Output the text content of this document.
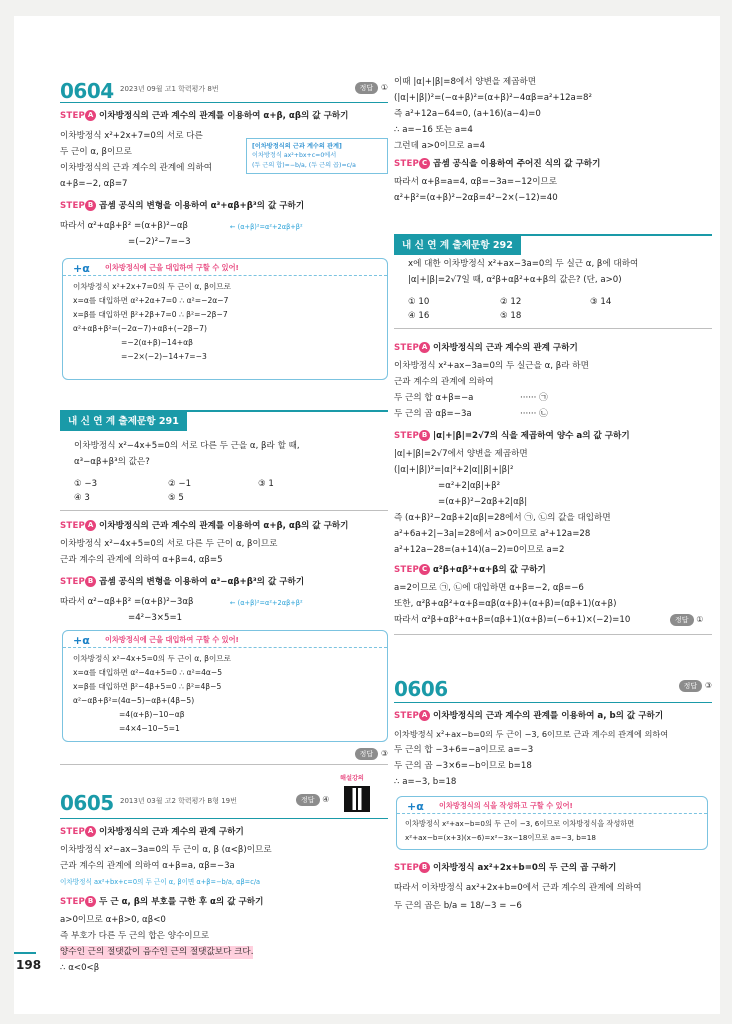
0604 2023년 09월 고1 학력평가 8번	정답 ①
STEP A 이차방정식의 근과 계수의 관계를 이용하여 α+β, αβ의 값 구하기
이차방정식 x²+2x+7=0의 서로 다른
두 근이 α, β이므로
이차방정식의 근과 계수의 관계에 의하여
α+β=−2, αβ=7
[이차방정식의 근과 계수의 관계]
이차방정식 ax²+bx+c=0에서
(두 근의 합)=−b/a, (두 근의 곱)=c/a
STEP B 곱셈 공식의 변형을 이용하여 α³+αβ+β³의 값 구하기
따라서 α²+αβ+β² =(α+β)²−αβ	← (α+β)²=α²+2αβ+β²
=(−2)²−7=−3
+α 이차방정식에 근을 대입하여 구할 수 있어!
이차방정식 x²+2x+7=0의 두 근이 α, β이므로
x=α를 대입하면 α²+2α+7=0 ∴ α²=−2α−7
x=β를 대입하면 β²+2β+7=0 ∴ β²=−2β−7
α²+αβ+β²=(−2α−7)+αβ+(−2β−7)
=−2(α+β)−14+αβ
=−2×(−2)−14+7=−3
내 신 연 계 출제문항 291
이차방정식 x²−4x+5=0의 서로 다른 두 근을 α, β라 할 때,
α³−αβ+β³의 값은?
① −3	② −1	③ 1
④ 3	⑤ 5
STEP A 이차방정식의 근과 계수의 관계를 이용하여 α+β, αβ의 값 구하기
이차방정식 x²−4x+5=0의 서로 다른 두 근이 α, β이므로
근과 계수의 관계에 의하여 α+β=4, αβ=5
STEP B 곱셈 공식의 변형을 이용하여 α³−αβ+β³의 값 구하기
따라서 α²−αβ+β² =(α+β)²−3αβ	← (α+β)²=α²+2αβ+β²
=4²−3×5=1
+α 이차방정식에 근을 대입하여 구할 수 있어!
이차방정식 x²−4x+5=0의 두 근이 α, β이므로
x=α를 대입하면 α²−4α+5=0 ∴ α²=4α−5
x=β를 대입하면 β²−4β+5=0 ∴ β²=4β−5
α²−αβ+β²=(4α−5)−αβ+(4β−5)
=4(α+β)−10−αβ
=4×4−10−5=1
정답 ③
0605 2013년 03월 고2 학력평가 B형 19번	정답 ④
해설강의
STEP A 이차방정식의 근과 계수의 관계 구하기
이차방정식 x²−ax−3a=0의 두 근이 α, β (α<β)이므로
근과 계수의 관계에 의하여 α+β=a, αβ=−3a
이차방정식 ax²+bx+c=0의 두 근이 α, β이면 α+β=−b/a, αβ=c/a
STEP B 두 근 α, β의 부호를 구한 후 α의 값 구하기
a>0이므로 α+β>0, αβ<0
즉 부호가 다른 두 근의 합은 양수이므로
양수인 근의 절댓값이 음수인 근의 절댓값보다 크다.
∴ α<0<β
198
이때 |α|+|β|=8에서 양변을 제곱하면
(|α|+|β|)²=(−α+β)²=(α+β)²−4αβ=a²+12a=8²
즉 a²+12a−64=0, (a+16)(a−4)=0
∴ a=−16 또는 a=4
그런데 a>0이므로 a=4
STEP C 곱셈 공식을 이용하여 주어진 식의 값 구하기
따라서 α+β=a=4, αβ=−3a=−12이므로
α²+β²=(α+β)²−2αβ=4²−2×(−12)=40
내 신 연 계 출제문항 292
x에 대한 이차방정식 x²+ax−3a=0의 두 실근 α, β에 대하여
|α|+|β|=2√7일 때, α²β+αβ²+α+β의 값은? (단, a>0)
① 10	② 12	③ 14
④ 16	⑤ 18
STEP A 이차방정식의 근과 계수의 관계 구하기
이차방정식 x²+ax−3a=0의 두 실근을 α, β라 하면
근과 계수의 관계에 의하여
두 근의 합 α+β=−a	······ ㉠
두 근의 곱 αβ=−3a	······ ㉡
STEP B |α|+|β|=2√7의 식을 제곱하여 양수 a의 값 구하기
|α|+|β|=2√7에서 양변을 제곱하면
(|α|+|β|)²=|α|²+2|α||β|+|β|²
=α²+2|αβ|+β²
=(α+β)²−2αβ+2|αβ|
즉 (α+β)²−2αβ+2|αβ|=28에서 ㉠, ㉡의 값을 대입하면
a²+6a+2|−3a|=28에서 a>0이므로 a²+12a=28
a²+12a−28=(a+14)(a−2)=0이므로 a=2
STEP C α²β+αβ²+α+β의 값 구하기
a=2이므로 ㉠, ㉡에 대입하면 α+β=−2, αβ=−6
또한, α²β+αβ²+α+β=αβ(α+β)+(α+β)=(αβ+1)(α+β)
따라서 α²β+αβ²+α+β=(αβ+1)(α+β)=(−6+1)×(−2)=10	정답 ①
0606	정답 ③
STEP A 이차방정식의 근과 계수의 관계를 이용하여 a, b의 값 구하기
이차방정식 x²+ax−b=0의 두 근이 −3, 6이므로 근과 계수의 관계에 의하여
두 근의 합 −3+6=−a이므로 a=−3
두 근의 곱 −3×6=−b이므로 b=18
∴ a=−3, b=18
+α 이차방정식의 식을 작성하고 구할 수 있어!
이차방정식 x²+ax−b=0의 두 근이 −3, 6이므로 이차방정식을 작성하면
x²+ax−b=(x+3)(x−6)=x²−3x−18이므로 a=−3, b=18
STEP B 이차방정식 ax²+2x+b=0의 두 근의 곱 구하기
따라서 이차방정식 ax²+2x+b=0에서 근과 계수의 관계에 의하여
두 근의 곱은 b/a = 18/−3 = −6
